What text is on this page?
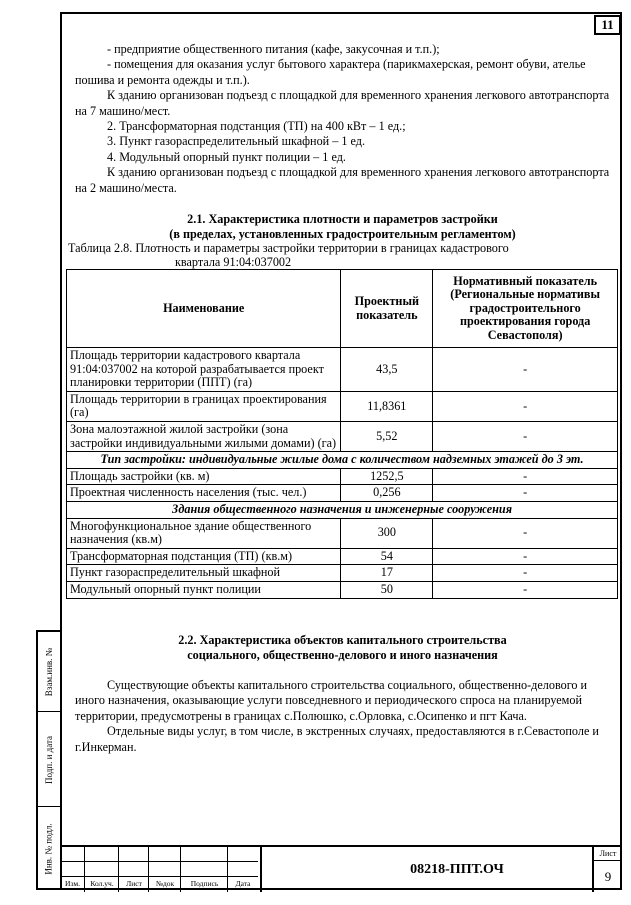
11
Взам.инв. №
Подп. и дата
Инв. № подл.

- предприятие общественного питания (кафе, закусочная и т.п.);

- помещения для оказания услуг бытового характера (парикмахерская, ремонт обуви, ателье пошива и ремонта одежды и т.п.).

К зданию организован подъезд с площадкой для временного хранения легкового автотранспорта на 7 машино/мест.

2. Трансформаторная подстанция (ТП) на 400 кВт – 1 ед.;

3. Пункт газораспределительный шкафной – 1 ед.

4. Модульный опорный пункт полиции – 1 ед.

К зданию организован подъезд с площадкой для временного хранения легкового автотранспорта на 2 машино/места.

2.1. Характеристика плотности и параметров застройки

(в пределах, установленных градостроительным регламентом)

Таблица 2.8. Плотность и параметры застройки территории в границах кадастрового

квартала 91:04:037002

Наименование	Проектный показатель	Нормативный показатель (Региональные нормативы градостроительного проектирования города Севастополя)
Площадь территории кадастрового квартала 91:04:037002 на которой разрабатывается проект планировки территории (ППТ) (га)	43,5	-
Площадь территории в границах проектирования (га)	11,8361	-
Зона малоэтажной жилой застройки (зона застройки индивидуальными жилыми домами) (га)	5,52	-
Тип застройки: индивидуальные жилые дома с количеством надземных этажей до 3 эт.		
Площадь застройки (кв. м)	1252,5	-
Проектная численность населения (тыс. чел.)	0,256	-
Здания общественного назначения и инженерные сооружения		
Многофункциональное здание общественного назначения (кв.м)	300	-
Трансформаторная подстанция (ТП) (кв.м)	54	-
Пункт газораспределительный шкафной	17	-
Модульный опорный пункт полиции	50	-

2.2. Характеристика объектов капитального строительства

социального, общественно-делового и иного назначения

Существующие объекты капитального строительства социального, общественно-делового и иного назначения, оказывающие услуги повседневного и периодического спроса на планируемой территории, предусмотрены в границах с.Полюшко, с.Орловка, с.Осипенко и пгт Кача.

Отдельные виды услуг, в том числе, в экстренных случаях, предоставляются в г.Севастополе и г.Инкерман.

Изм.	Кол.уч.	Лист	№док	Подпись	Дата
08218-ППТ.ОЧ
Лист
9
